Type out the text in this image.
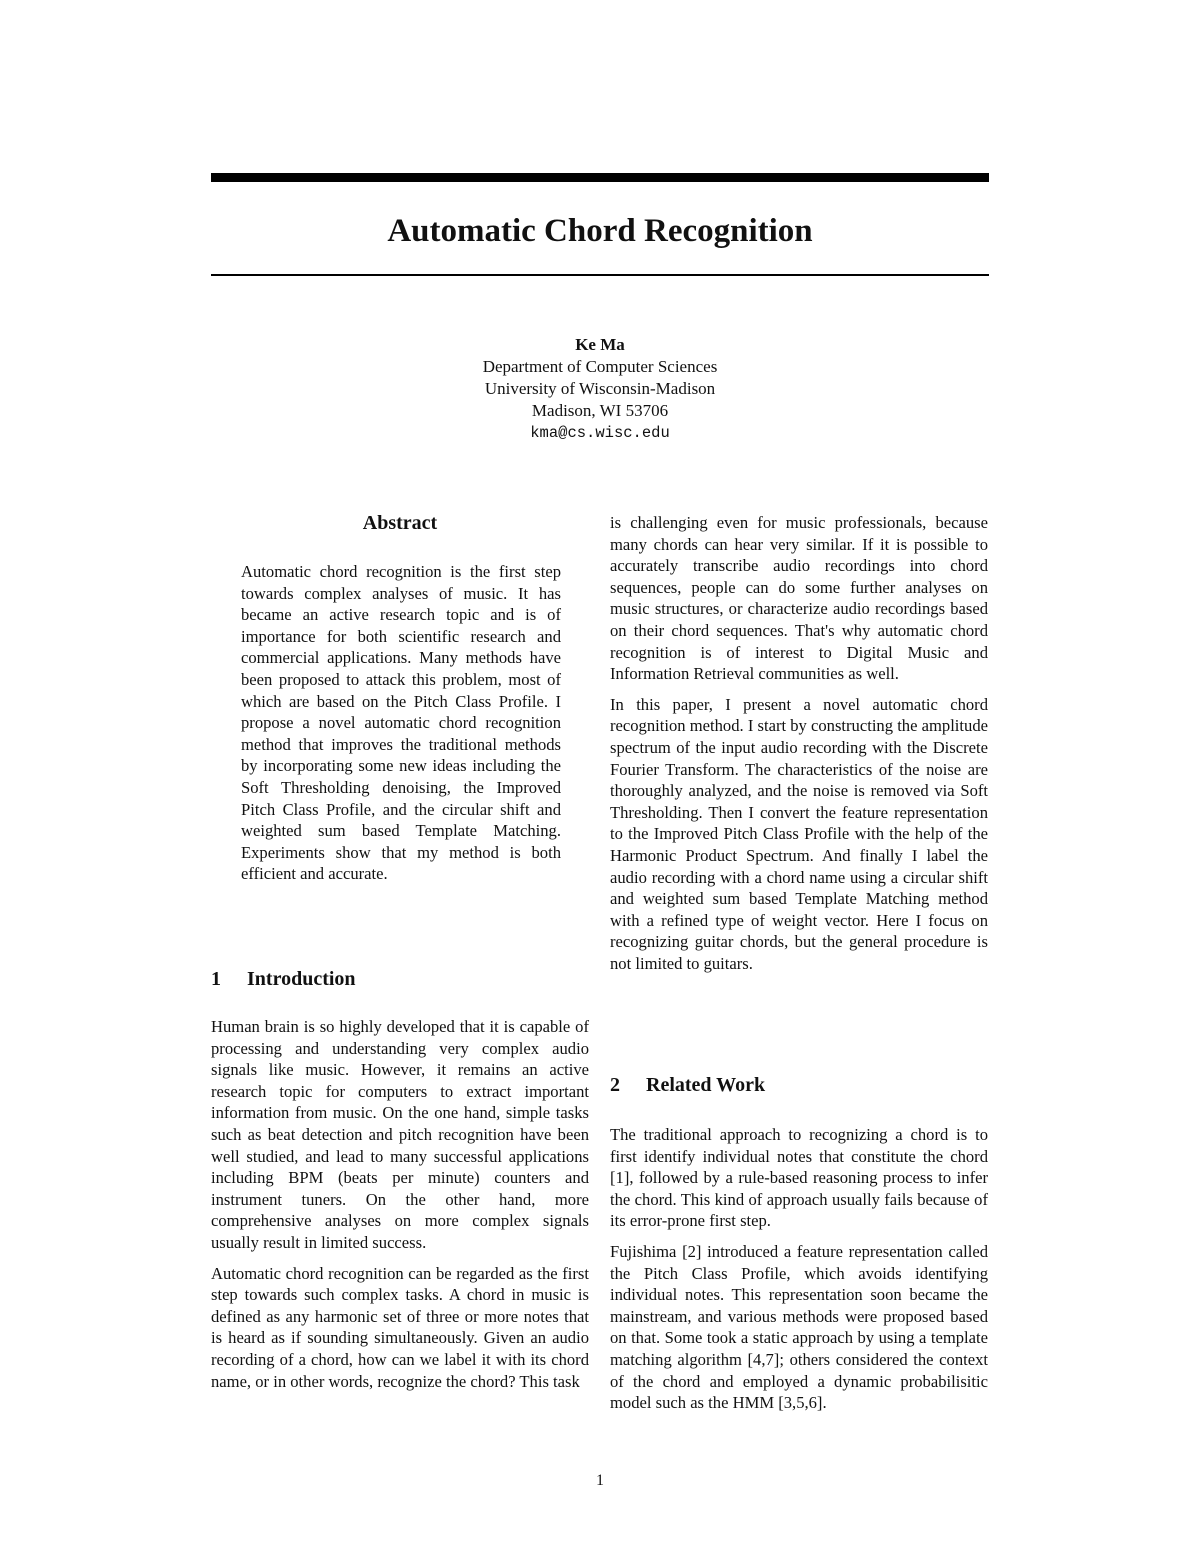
Automatic Chord Recognition
Ke Ma
Department of Computer Sciences
University of Wisconsin-Madison
Madison, WI 53706
kma@cs.wisc.edu
Abstract
Automatic chord recognition is the first step towards complex analyses of music. It has became an active research topic and is of importance for both scientific research and commercial applications. Many methods have been proposed to attack this problem, most of which are based on the Pitch Class Profile. I propose a novel automatic chord recognition method that improves the traditional methods by incorporating some new ideas including the Soft Thresholding denoising, the Improved Pitch Class Profile, and the circular shift and weighted sum based Template Matching. Experiments show that my method is both efficient and accurate.
1 Introduction

Human brain is so highly developed that it is capable of processing and understanding very complex audio signals like music. However, it remains an active research topic for computers to extract important information from music. On the one hand, simple tasks such as beat detection and pitch recognition have been well studied, and lead to many successful applications including BPM (beats per minute) counters and instrument tuners. On the other hand, more comprehensive analyses on more complex signals usually result in limited success.

Automatic chord recognition can be regarded as the first step towards such complex tasks. A chord in music is defined as any harmonic set of three or more notes that is heard as if sounding simultaneously. Given an audio recording of a chord, how can we label it with its chord name, or in other words, recognize the chord? This task

is challenging even for music professionals, because many chords can hear very similar. If it is possible to accurately transcribe audio recordings into chord sequences, people can do some further analyses on music structures, or characterize audio recordings based on their chord sequences. That's why automatic chord recognition is of interest to Digital Music and Information Retrieval communities as well.

In this paper, I present a novel automatic chord recognition method. I start by constructing the amplitude spectrum of the input audio recording with the Discrete Fourier Transform. The characteristics of the noise are thoroughly analyzed, and the noise is removed via Soft Thresholding. Then I convert the feature representation to the Improved Pitch Class Profile with the help of the Harmonic Product Spectrum. And finally I label the audio recording with a chord name using a circular shift and weighted sum based Template Matching method with a refined type of weight vector. Here I focus on recognizing guitar chords, but the general procedure is not limited to guitars.

2 Related Work

The traditional approach to recognizing a chord is to first identify individual notes that constitute the chord [1], followed by a rule-based reasoning process to infer the chord. This kind of approach usually fails because of its error-prone first step.

Fujishima [2] introduced a feature representation called the Pitch Class Profile, which avoids identifying individual notes. This representation soon became the mainstream, and various methods were proposed based on that. Some took a static approach by using a template matching algorithm [4,7]; others considered the context of the chord and employed a dynamic probabilisitic model such as the HMM [3,5,6].

1
